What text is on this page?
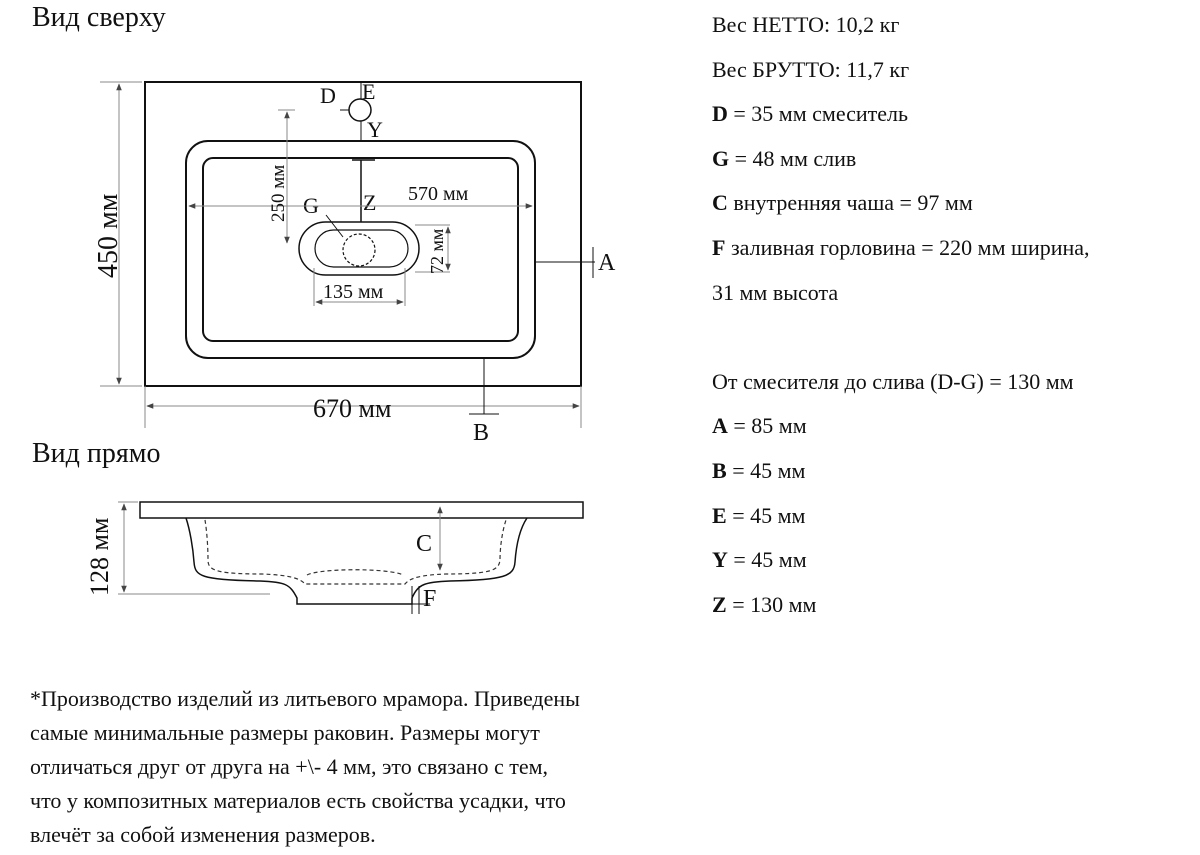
Вид сверху
Вид прямо
D E
Y
Z
G	570 мм
250 мм
72 мм
135 мм
450 мм
670 мм
A
B
C
F
128 мм
Вес НЕТТО: 10,2 кг
Вес БРУТТО: 11,7 кг
D = 35 мм смеситель
G = 48 мм слив
C внутренняя чаша = 97 мм
F заливная горловина = 220 мм ширина,
31 мм высота
От смесителя до слива (D-G) = 130 мм
A = 85 мм
B = 45 мм
E = 45 мм
Y = 45 мм
Z = 130 мм
*Производство изделий из литьевого мрамора. Приведены
самые минимальные размеры раковин. Размеры могут
отличаться друг от друга на +\- 4 мм, это связано с тем,
что у композитных материалов есть свойства усадки, что
влечёт за собой изменения размеров.
